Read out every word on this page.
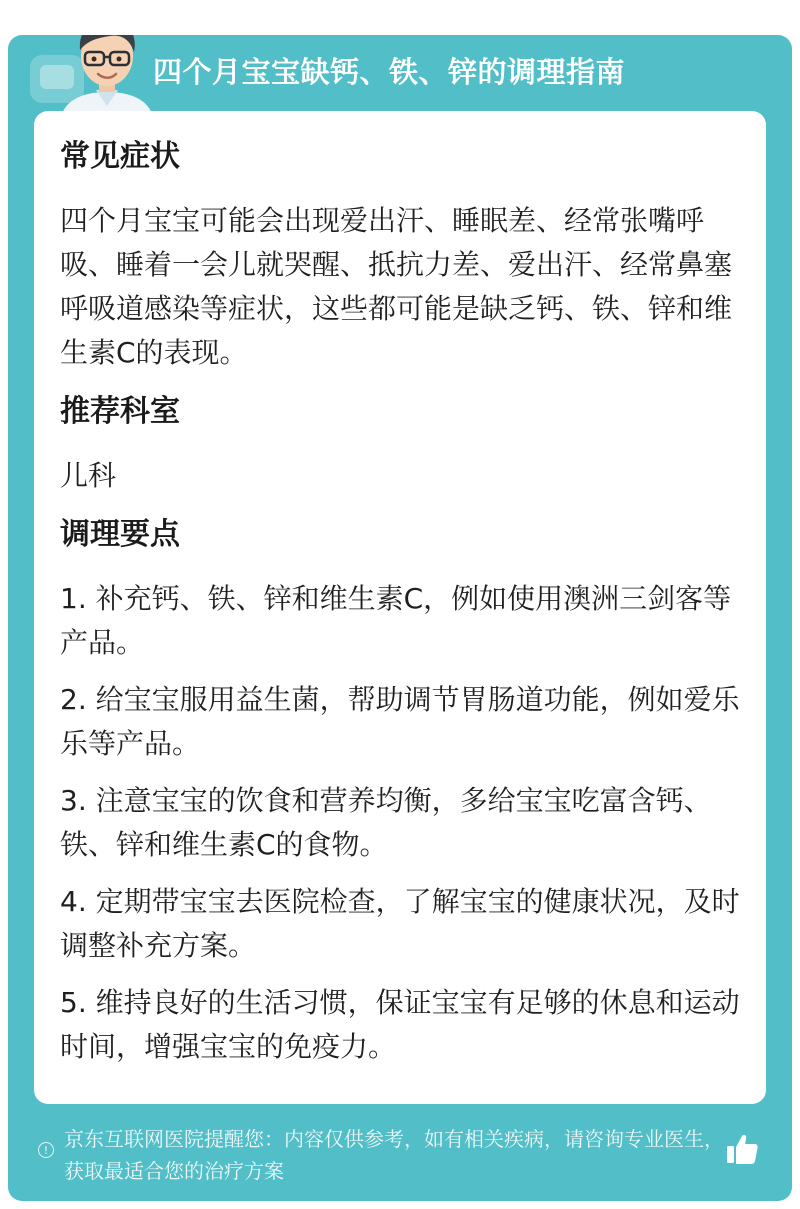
四个月宝宝缺钙、铁、锌的调理指南
常见症状
四个月宝宝可能会出现爱出汗、睡眠差、经常张嘴呼吸、睡着一会儿就哭醒、抵抗力差、爱出汗、经常鼻塞呼吸道感染等症状，这些都可能是缺乏钙、铁、锌和维生素C的表现。
推荐科室
儿科
调理要点
1. 补充钙、铁、锌和维生素C，例如使用澳洲三剑客等产品。
2. 给宝宝服用益生菌，帮助调节胃肠道功能，例如爱乐乐等产品。
3. 注意宝宝的饮食和营养均衡，多给宝宝吃富含钙、铁、锌和维生素C的食物。
4. 定期带宝宝去医院检查，了解宝宝的健康状况，及时调整补充方案。
5. 维持良好的生活习惯，保证宝宝有足够的休息和运动时间，增强宝宝的免疫力。
! 京东互联网医院提醒您：内容仅供参考，如有相关疾病，请咨询专业医生，获取最适合您的治疗方案
